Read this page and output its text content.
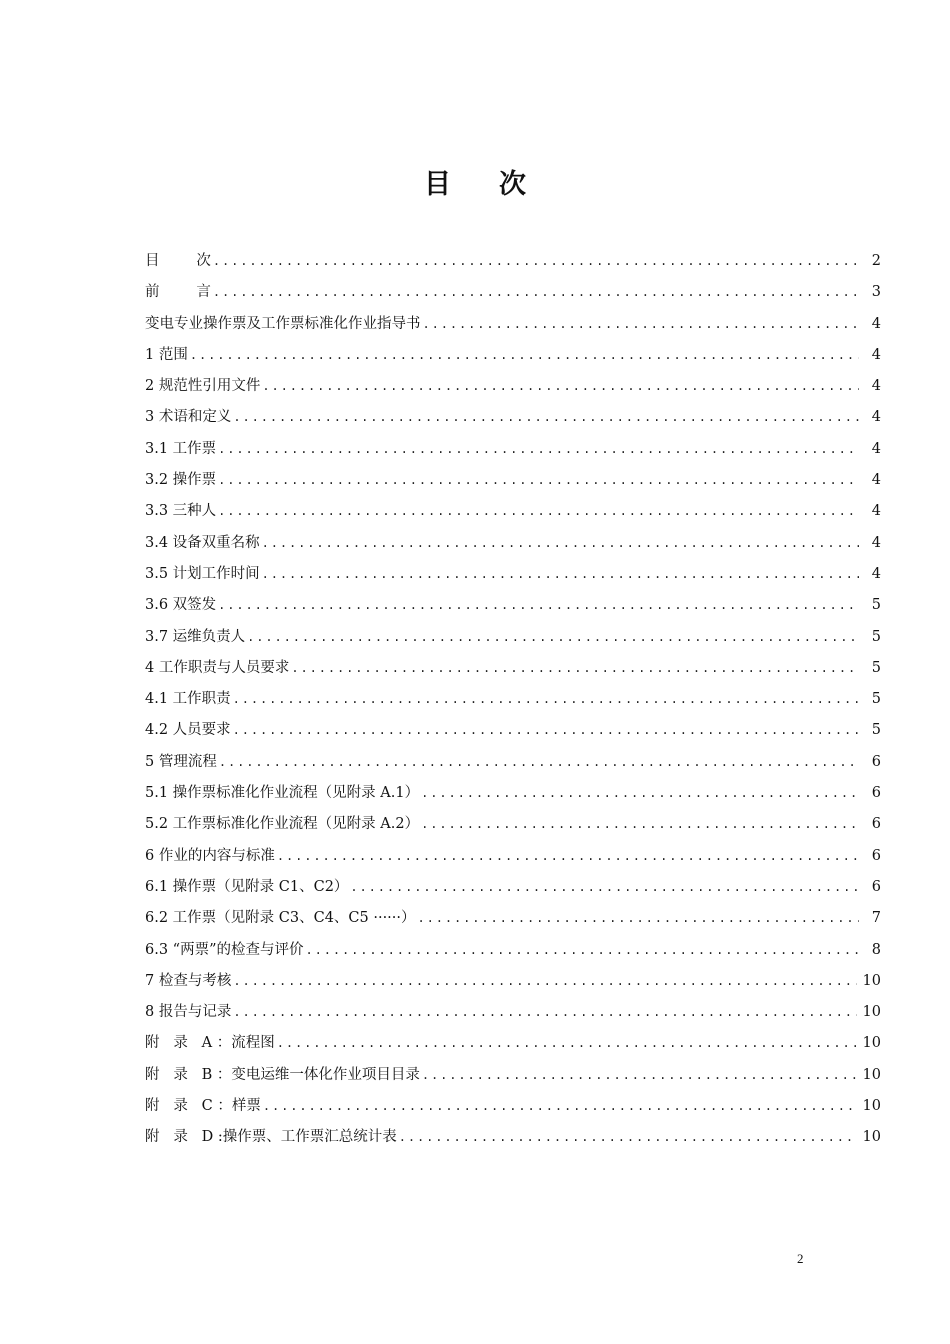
目 次
目        次 .....	2
前        言 .....	3
变电专业操作票及工作票标准化作业指导书 .....	4
1 范围 .....	4
2 规范性引用文件 .....	4
3 术语和定义 .....	4
3.1 工作票 .....	4
3.2 操作票 .....	4
3.3 三种人 .....	4
3.4 设备双重名称 .....	4
3.5 计划工作时间 .....	4
3.6 双签发 .....	5
3.7 运维负责人 .....	5
4 工作职责与人员要求 .....	5
4.1 工作职责 .....	5
4.2 人员要求 .....	5
5 管理流程 .....	6
5.1 操作票标准化作业流程（见附录 A.1） .....	6
5.2 工作票标准化作业流程（见附录 A.2） .....	6
6 作业的内容与标准 .....	6
6.1 操作票（见附录 C1、C2） .....	6
6.2 工作票（见附录 C3、C4、C5 ······） .....	7
6.3 “两票”的检查与评价 .....	8
7 检查与考核 .....	10
8 报告与记录 .....	10
附   录   A ：流程图 .....	10
附   录   B ：变电运维一体化作业项目目录 .....	10
附   录   C ：样票 .....	10
附   录   D :操作票、工作票汇总统计表 .....	10
2
